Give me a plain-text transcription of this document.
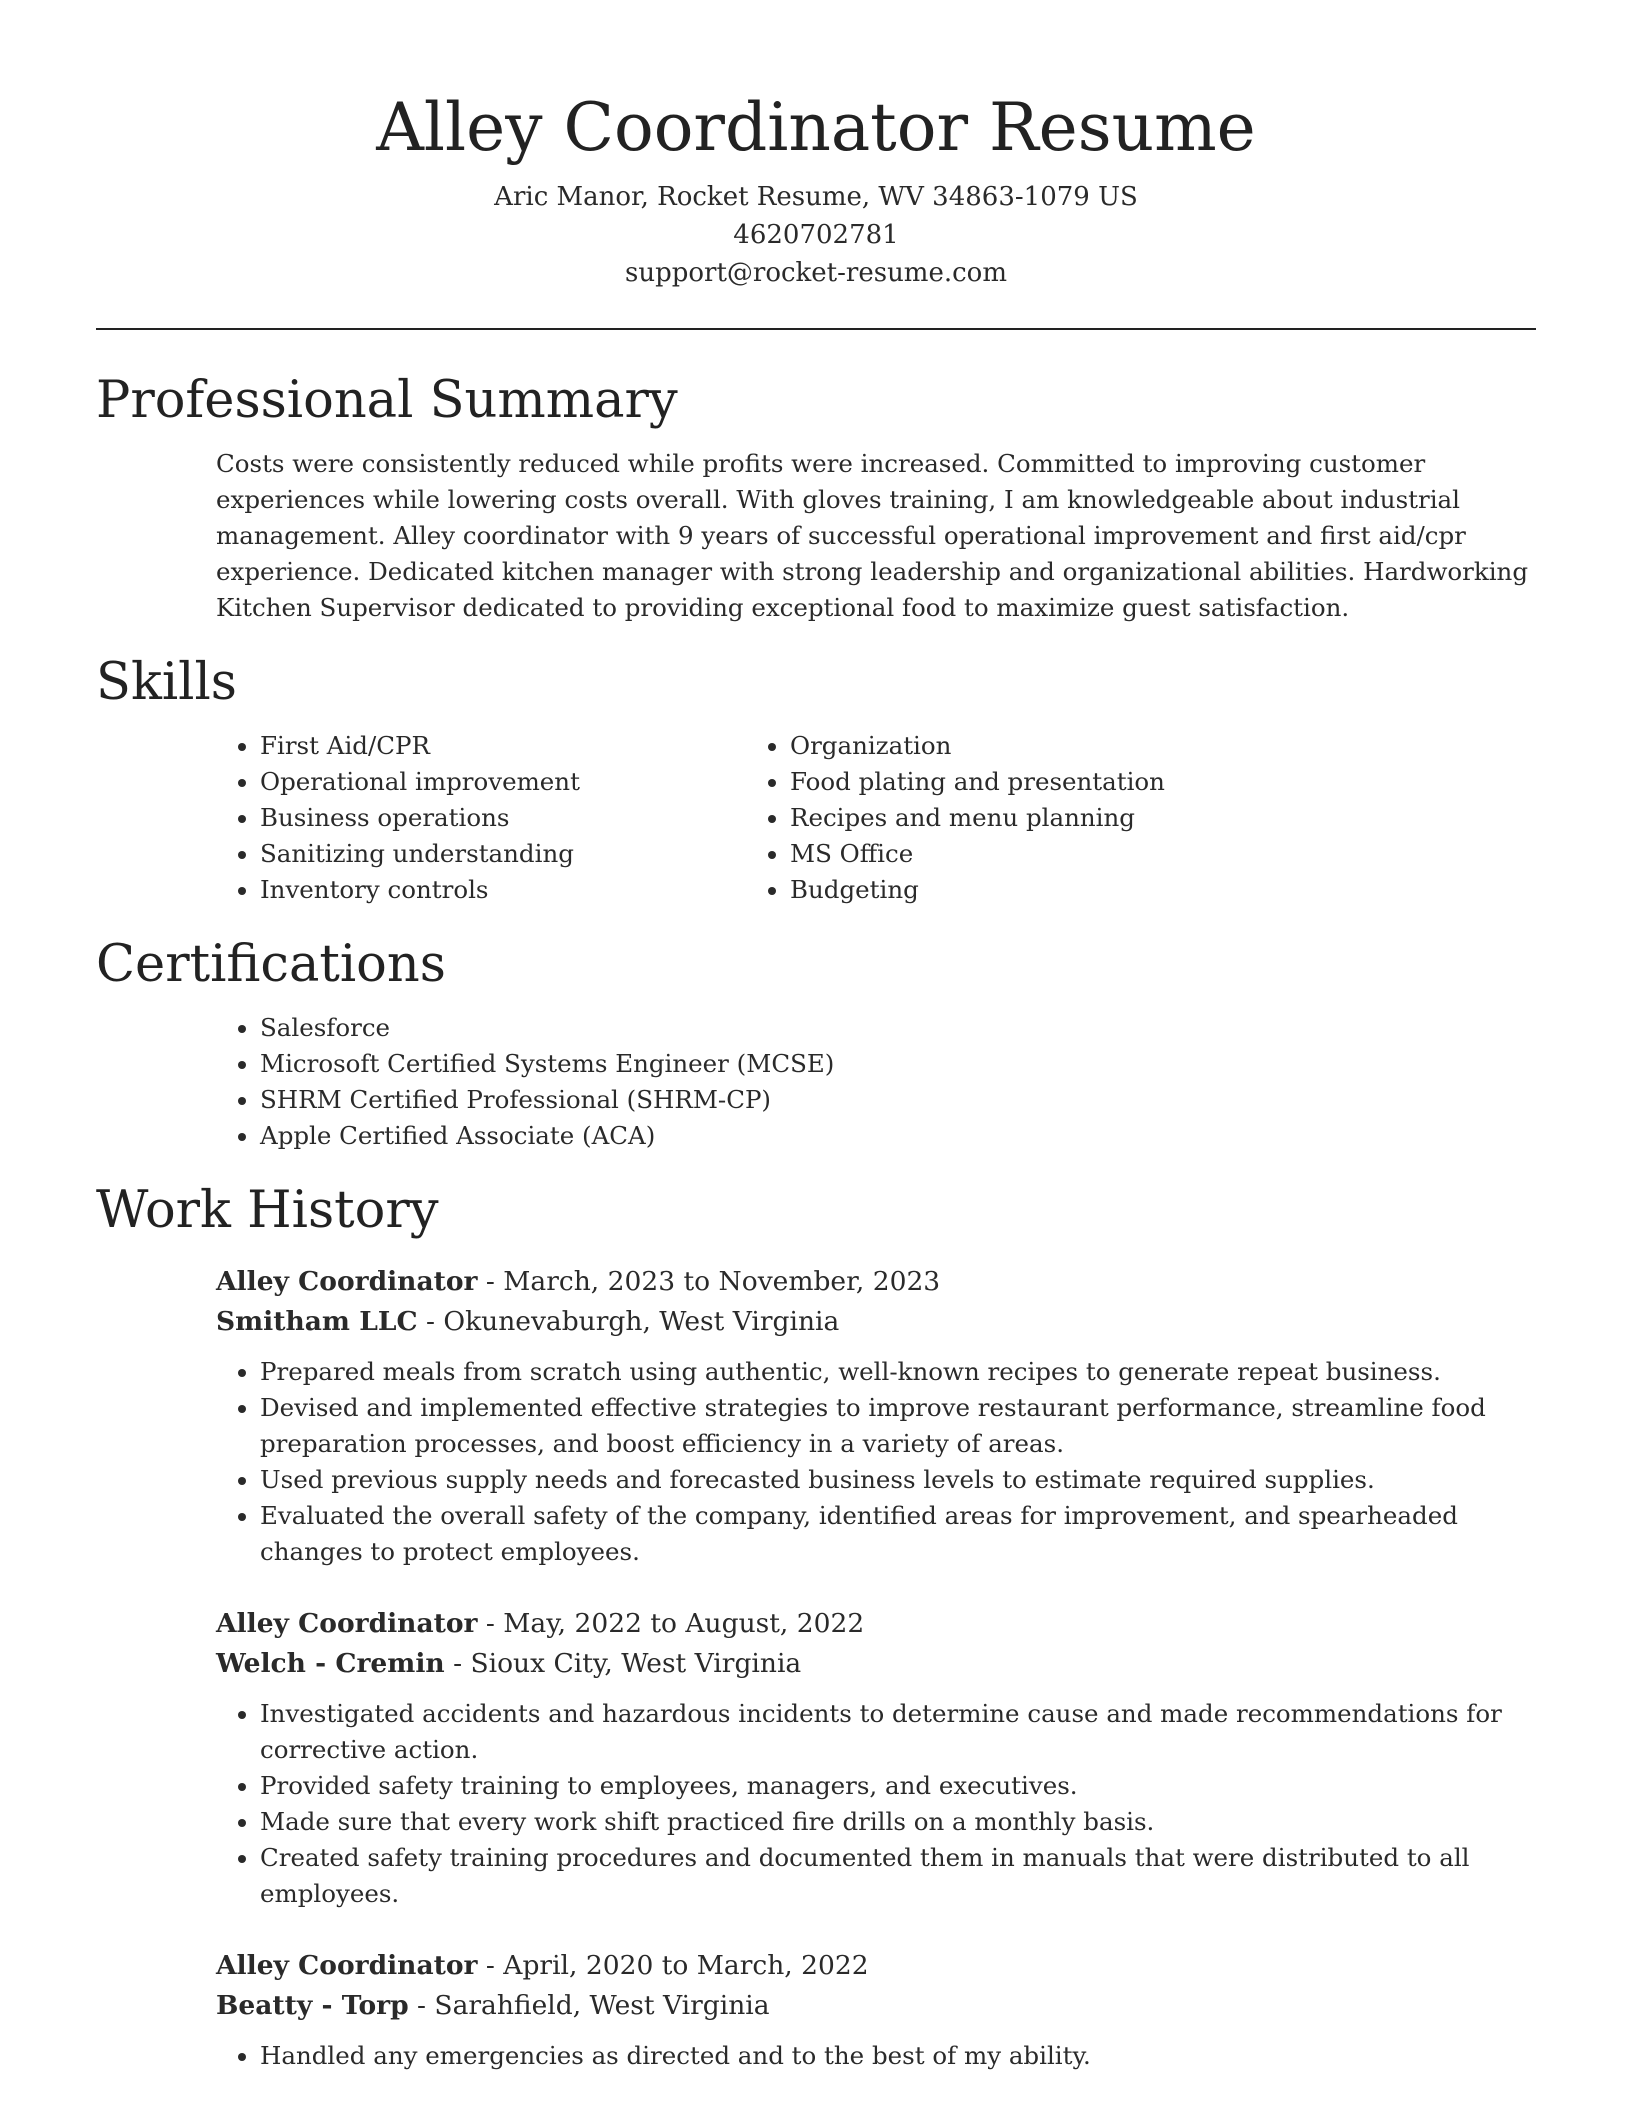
Alley Coordinator Resume

Aric Manor, Rocket Resume, WV 34863-1079 US

4620702781

support@rocket-resume.com

Professional Summary

Costs were consistently reduced while profits were increased. Committed to improving customer experiences while lowering costs overall. With gloves training, I am knowledgeable about industrial management. Alley coordinator with 9 years of successful operational improvement and first aid/cpr experience. Dedicated kitchen manager with strong leadership and organizational abilities. Hardworking Kitchen Supervisor dedicated to providing exceptional food to maximize guest satisfaction.

Skills
• First Aid/CPR
• Operational improvement
• Business operations
• Sanitizing understanding
• Inventory controls
• Organization
• Food plating and presentation
• Recipes and menu planning
• MS Office
• Budgeting
Certifications
• Salesforce
• Microsoft Certified Systems Engineer (MCSE)
• SHRM Certified Professional (SHRM-CP)
• Apple Certified Associate (ACA)
Work History
Alley Coordinator - March, 2023 to November, 2023
Smitham LLC - Okunevaburgh, West Virginia
• Prepared meals from scratch using authentic, well-known recipes to generate repeat business.
• Devised and implemented effective strategies to improve restaurant performance, streamline food preparation processes, and boost efficiency in a variety of areas.
• Used previous supply needs and forecasted business levels to estimate required supplies.
• Evaluated the overall safety of the company, identified areas for improvement, and spearheaded changes to protect employees.
Alley Coordinator - May, 2022 to August, 2022
Welch - Cremin - Sioux City, West Virginia
• Investigated accidents and hazardous incidents to determine cause and made recommendations for corrective action.
• Provided safety training to employees, managers, and executives.
• Made sure that every work shift practiced fire drills on a monthly basis.
• Created safety training procedures and documented them in manuals that were distributed to all employees.
Alley Coordinator - April, 2020 to March, 2022
Beatty - Torp - Sarahfield, West Virginia
• Handled any emergencies as directed and to the best of my ability.
